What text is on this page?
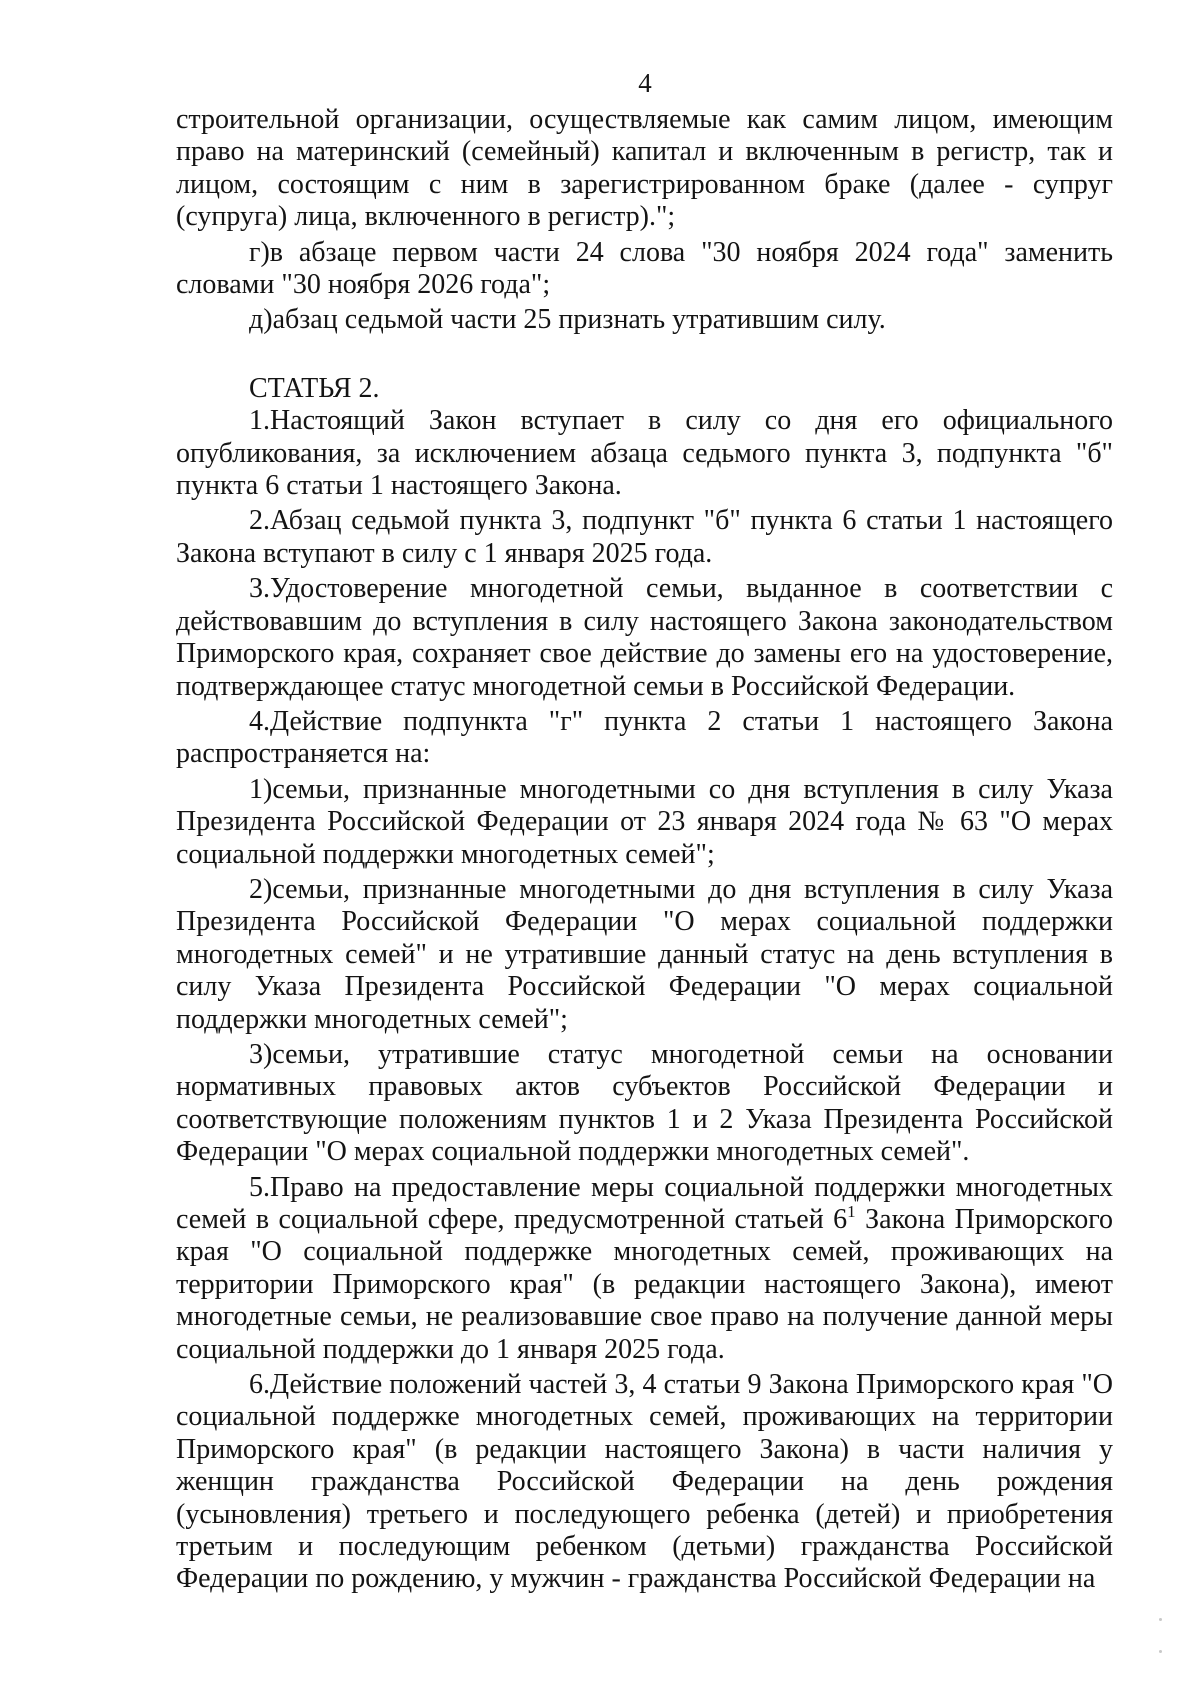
4

строительной организации, осуществляемые как самим лицом, имеющим право на материнский (семейный) капитал и включенным в регистр, так и лицом, состоящим с ним в зарегистрированном браке (далее - супруг (супруга) лица, включенного в регистр).";

г)в абзаце первом части 24 слова "30 ноября 2024 года" заменить словами "30 ноября 2026 года";

д)абзац седьмой части 25 признать утратившим силу.

СТАТЬЯ 2.

1.Настоящий Закон вступает в силу со дня его официального опубликования, за исключением абзаца седьмого пункта 3, подпункта "б" пункта 6 статьи 1 настоящего Закона.

2.Абзац седьмой пункта 3, подпункт "б" пункта 6 статьи 1 настоящего Закона вступают в силу с 1 января 2025 года.

3.Удостоверение многодетной семьи, выданное в соответствии с действовавшим до вступления в силу настоящего Закона законодательством Приморского края, сохраняет свое действие до замены его на удостоверение, подтверждающее статус многодетной семьи в Российской Федерации.

4.Действие подпункта "г" пункта 2 статьи 1 настоящего Закона распространяется на:

1)семьи, признанные многодетными со дня вступления в силу Указа Президента Российской Федерации от 23 января 2024 года № 63 "О мерах социальной поддержки многодетных семей";

2)семьи, признанные многодетными до дня вступления в силу Указа Президента Российской Федерации "О мерах социальной поддержки многодетных семей" и не утратившие данный статус на день вступления в силу Указа Президента Российской Федерации "О мерах социальной поддержки многодетных семей";

3)семьи, утратившие статус многодетной семьи на основании нормативных правовых актов субъектов Российской Федерации и соответствующие положениям пунктов 1 и 2 Указа Президента Российской Федерации "О мерах социальной поддержки многодетных семей".

5.Право на предоставление меры социальной поддержки многодетных семей в социальной сфере, предусмотренной статьей $6^1$ Закона Приморского края "О социальной поддержке многодетных семей, проживающих на территории Приморского края" (в редакции настоящего Закона), имеют многодетные семьи, не реализовавшие свое право на получение данной меры социальной поддержки до 1 января 2025 года.

6.Действие положений частей 3, 4 статьи 9 Закона Приморского края "О социальной поддержке многодетных семей, проживающих на территории Приморского края" (в редакции настоящего Закона) в части наличия у женщин гражданства Российской Федерации на день рождения (усыновления) третьего и последующего ребенка (детей) и приобретения третьим и последующим ребенком (детьми) гражданства Российской Федерации по рождению, у мужчин - гражданства Российской Федерации на
